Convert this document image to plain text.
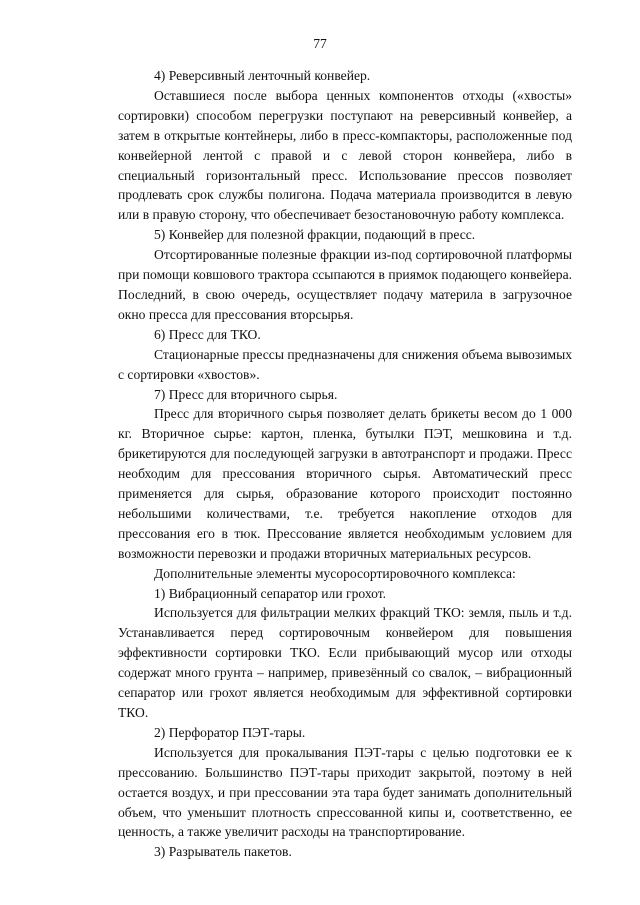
77

4) Реверсивный ленточный конвейер.

Оставшиеся после выбора ценных компонентов отходы («хвосты» сортировки) способом перегрузки поступают на реверсивный конвейер, а затем в открытые контейнеры, либо в пресс-компакторы, расположенные под конвейерной лентой с правой и с левой сторон конвейера, либо в специальный горизонтальный пресс. Использование прессов позволяет продлевать срок службы полигона. Подача материала производится в левую или в правую сторону, что обеспечивает безостановочную работу комплекса.

5) Конвейер для полезной фракции, подающий в пресс.

Отсортированные полезные фракции из-под сортировочной платформы при помощи ковшового трактора ссыпаются в приямок подающего конвейера. Последний, в свою очередь, осуществляет подачу материла в загрузочное окно пресса для прессования вторсырья.

6) Пресс для ТКО.

Стационарные прессы предназначены для снижения объема вывозимых с сортировки «хвостов».

7) Пресс для вторичного сырья.

Пресс для вторичного сырья позволяет делать брикеты весом до 1 000 кг. Вторичное сырье: картон, пленка, бутылки ПЭТ, мешковина и т.д. брикетируются для последующей загрузки в автотранспорт и продажи. Пресс необходим для прессования вторичного сырья. Автоматический пресс применяется для сырья, образование которого происходит постоянно небольшими количествами, т.е. требуется накопление отходов для прессования его в тюк. Прессование является необходимым условием для возможности перевозки и продажи вторичных материальных ресурсов.

Дополнительные элементы мусоросортировочного комплекса:

1) Вибрационный сепаратор или грохот.

Используется для фильтрации мелких фракций ТКО: земля, пыль и т.д. Устанавливается перед сортировочным конвейером для повышения эффективности сортировки ТКО. Если прибывающий мусор или отходы содержат много грунта – например, привезённый со свалок, – вибрационный сепаратор или грохот является необходимым для эффективной сортировки ТКО.

2) Перфоратор ПЭТ-тары.

Используется для прокалывания ПЭТ-тары с целью подготовки ее к прессованию. Большинство ПЭТ-тары приходит закрытой, поэтому в ней остается воздух, и при прессовании эта тара будет занимать дополнительный объем, что уменьшит плотность спрессованной кипы и, соответственно, ее ценность, а также увеличит расходы на транспортирование.

3) Разрыватель пакетов.
